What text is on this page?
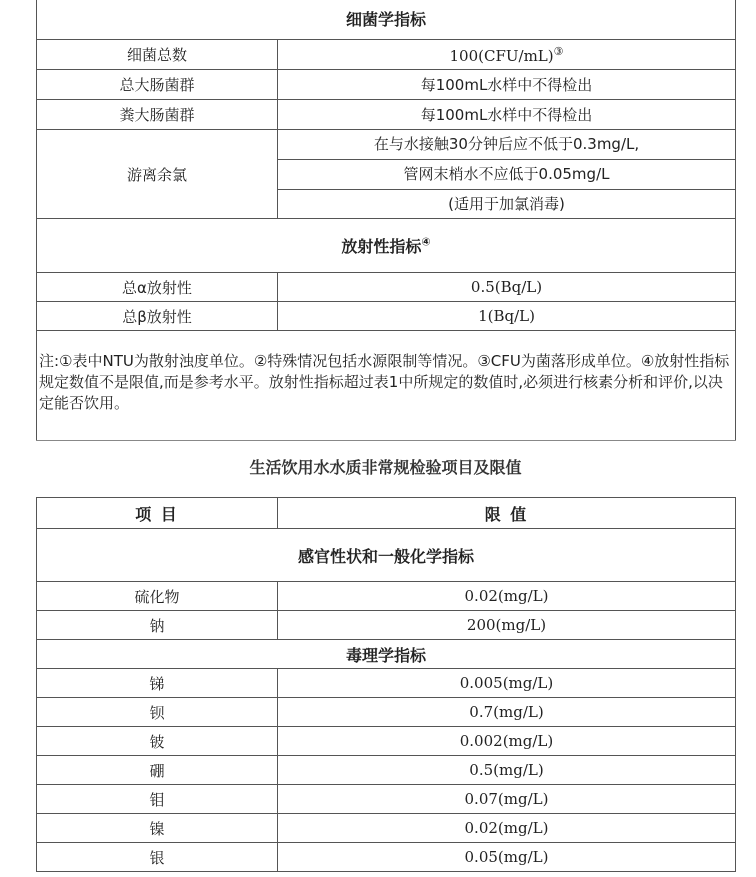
细菌学指标	
细菌总数	100(CFU/mL)③
总大肠菌群	每100mL水样中不得检出
粪大肠菌群	每100mL水样中不得检出
游离余氯	在与水接触30分钟后应不低于0.3mg/L,
管网末梢水不应低于0.05mg/L
(适用于加氯消毒)

放射性指标④
总α放射性	0.5(Bq/L)
总β放射性	1(Bq/L)
注:①表中NTU为散射浊度单位。②特殊情况包括水源限制等情况。③CFU为菌落形成单位。④放射性指标规定数值不是限值,而是参考水平。放射性指标超过表1中所规定的数值时,必须进行核素分析和评价,以决定能否饮用。	
生活饮用水水质非常规检验项目及限值
项 目	限 值
感官性状和一般化学指标	
硫化物	0.02(mg/L)
钠	200(mg/L)
毒理学指标	
锑	0.005(mg/L)
钡	0.7(mg/L)
铍	0.002(mg/L)
硼	0.5(mg/L)
钼	0.07(mg/L)
镍	0.02(mg/L)
银	0.05(mg/L)
